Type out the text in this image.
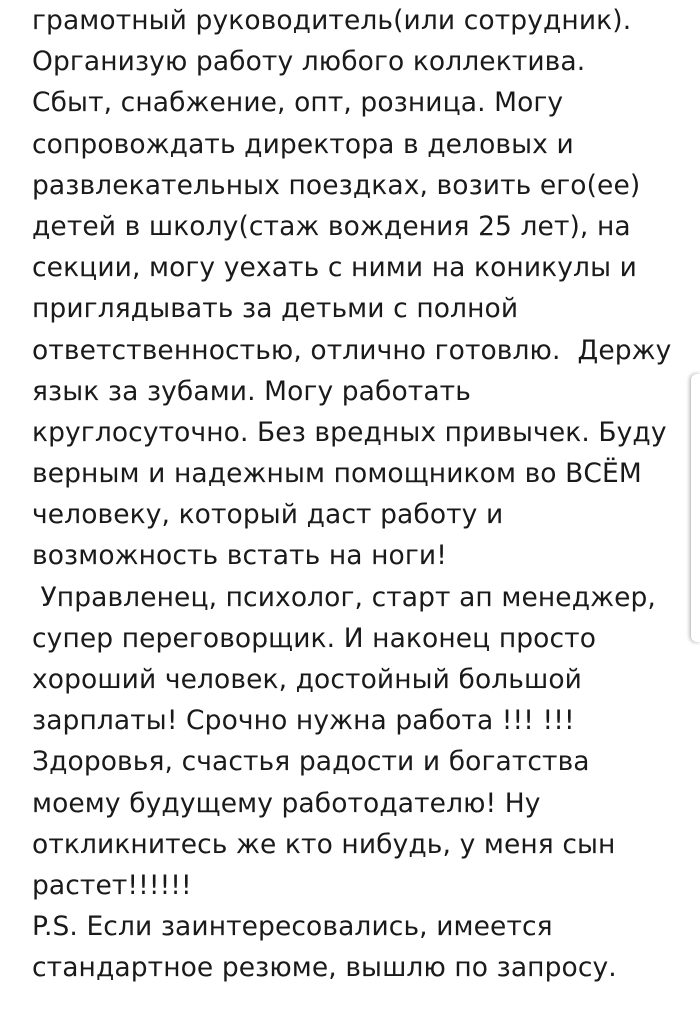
грамотный руководитель(или сотрудник).
Организую работу любого коллектива.
Сбыт, снабжение, опт, розница. Могу
сопровождать директора в деловых и
развлекательных поездках, возить его(ее)
детей в школу(стаж вождения 25 лет), на
секции, могу уехать с ними на коникулы и
приглядывать за детьми с полной
ответственностью, отлично готовлю.  Держу
язык за зубами. Могу работать
круглосуточно. Без вредных привычек. Буду
верным и надежным помощником во ВСЁМ
человеку, который даст работу и
возможность встать на ноги!
Управленец, психолог, старт ап менеджер,
супер переговорщик. И наконец просто
хороший человек, достойный большой
зарплаты! Срочно нужна работа !!! !!!
Здоровья, счастья радости и богатства
моему будущему работодателю! Ну
откликнитесь же кто нибудь, у меня сын
растет!!!!!!
P.S. Если заинтересовались, имеется
стандартное резюме, вышлю по запросу.
